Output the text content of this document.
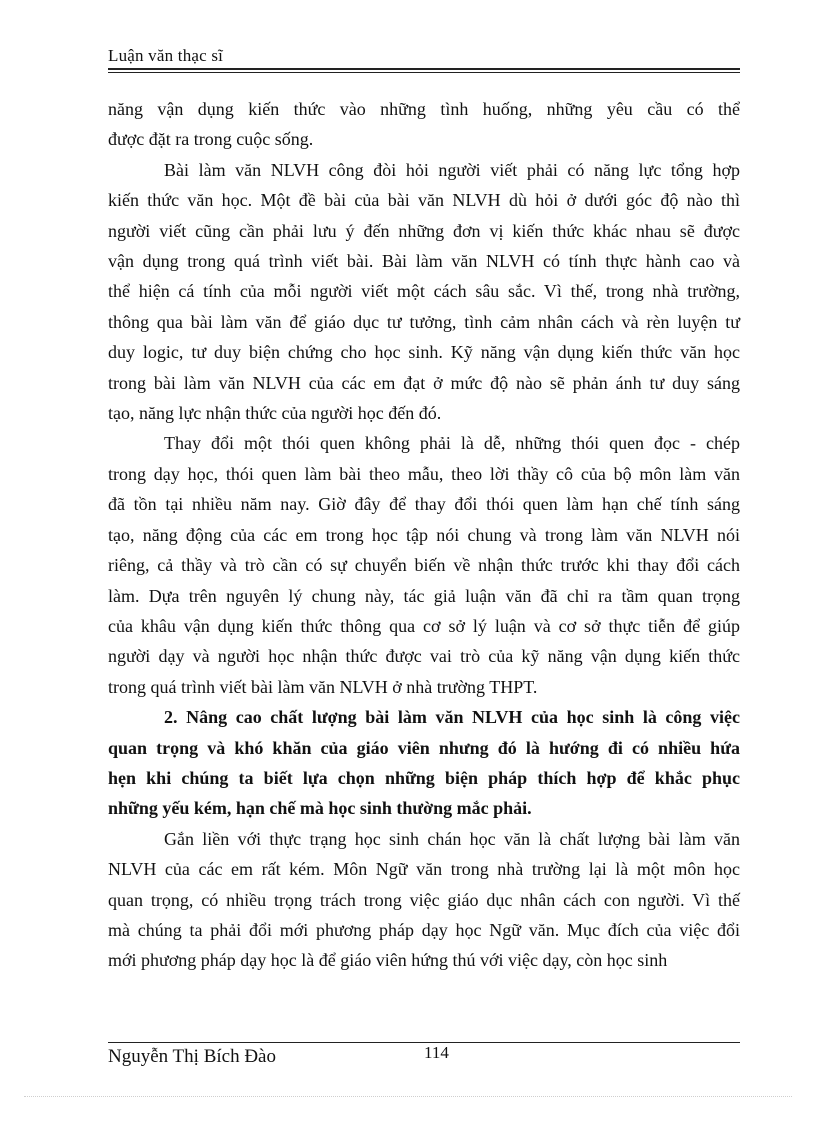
Luận văn thạc sĩ

năng vận dụng kiến thức vào những tình huống, những yêu cầu có thể
được đặt ra trong cuộc sống.

Bài làm văn NLVH công đòi hỏi người viết phải có năng lực tổng hợp
kiến thức văn học. Một đề bài của bài văn NLVH dù hỏi ở dưới góc độ nào thì
người viết cũng cần phải lưu ý đến những đơn vị kiến thức khác nhau sẽ được
vận dụng trong quá trình viết bài. Bài làm văn NLVH có tính thực hành cao và
thể hiện cá tính của mỗi người viết một cách sâu sắc. Vì thế, trong nhà trường,
thông qua bài làm văn để giáo dục tư tưởng, tình cảm nhân cách và rèn luyện tư
duy logic, tư duy biện chứng cho học sinh. Kỹ năng vận dụng kiến thức văn học
trong bài làm văn NLVH của các em đạt ở mức độ nào sẽ phản ánh tư duy sáng
tạo, năng lực nhận thức của người học đến đó.

Thay đổi một thói quen không phải là dễ, những thói quen đọc - chép
trong dạy học, thói quen làm bài theo mẫu, theo lời thầy cô của bộ môn làm văn
đã tồn tại nhiều năm nay. Giờ đây để thay đổi thói quen làm hạn chế tính sáng
tạo, năng động của các em trong học tập nói chung và trong làm văn NLVH nói
riêng, cả thầy và trò cần có sự chuyển biến về nhận thức trước khi thay đổi cách
làm. Dựa trên nguyên lý chung này, tác giả luận văn đã chỉ ra tầm quan trọng
của khâu vận dụng kiến thức thông qua cơ sở lý luận và cơ sở thực tiễn để giúp
người dạy và người học nhận thức được vai trò của kỹ năng vận dụng kiến thức
trong quá trình viết bài làm văn NLVH ở nhà trường THPT.

2. Nâng cao chất lượng bài làm văn NLVH của học sinh là công việc
quan trọng và khó khăn của giáo viên nhưng đó là hướng đi có nhiều hứa
hẹn khi chúng ta biết lựa chọn những biện pháp thích hợp để khắc phục
những yếu kém, hạn chế mà học sinh thường mắc phải.

Gắn liền với thực trạng học sinh chán học văn là chất lượng bài làm văn
NLVH của các em rất kém. Môn Ngữ văn trong nhà trường lại là một môn học
quan trọng, có nhiều trọng trách trong việc giáo dục nhân cách con người. Vì thế
mà chúng ta phải đổi mới phương pháp dạy học Ngữ văn. Mục đích của việc đổi
mới phương pháp dạy học là để giáo viên hứng thú với việc dạy, còn học sinh

Nguyễn Thị Bích Đào	114
